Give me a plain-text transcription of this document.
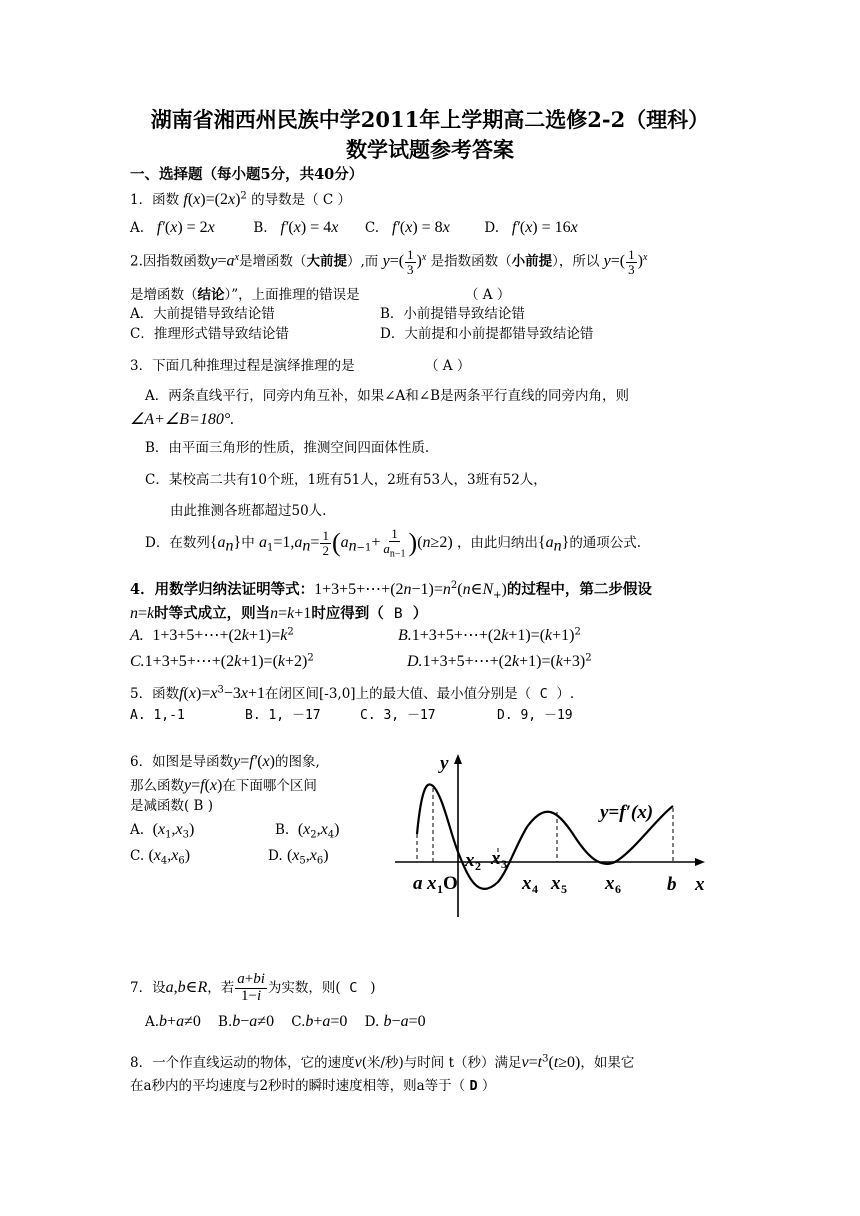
湖南省湘西州民族中学2011年上学期高二选修2-2（理科）
数学试题参考答案
一、选择题（每小题5分，共40分）
1．函数 $f(x)=(2x)^2$ 的导数是（ C ）
A. f′(x) = 2x	B. f′(x) = 4x C. f′(x) = 8x	D. f′(x) = 16x
2.因指数函数$y=a^x$是增函数（大前提）,而 $y=( \frac{1}{3} )^x$ 是指数函数（小前提），所以 $y=( \frac{1}{3} )^x$
是增函数（结论）”，上面推理的错误是	（ A ）
A．大前提错导致结论错	B．小前提错导致结论错
C．推理形式错导致结论错	D．大前提和小前提都错导致结论错
3．下面几种推理过程是演绎推理的是	（ A ）
A．两条直线平行，同旁内角互补，如果∠A和∠B是两条平行直线的同旁内角，则
∠A+∠B=180°.
B．由平面三角形的性质，推测空间四面体性质.
C．某校高二共有10个班，1班有51人，2班有53人，3班有52人，
由此推测各班都超过50人.
D．在数列$\{a_n\}$中 $a_1=1,a_n= \frac{1}{2} (a_{n-1}+ \frac{1}{a_{n-1}} )(n\ge 2)$ ，由此归纳出$\{a_n\}$的通项公式.
4．用数学归纳法证明等式：$1+3+5+\cdots+(2n-1)=n^2(n\in N_+)$的过程中，第二步假设
n=k时等式成立，则当n=k+1时应得到（ B ）
A. $1+3+5+\cdots+(2k+1)=k^2$	$B.1+3+5+\cdots+(2k+1)=(k+1)^2$
$C.1+3+5+\cdots+(2k+1)=(k+2)^2$	$D.1+3+5+\cdots+(2k+1)=(k+3)^2$
5．函数$f(x)=x^3-3x+1$在闭区间[-3,0]上的最大值、最小值分别是（ C ）.
A. 1,-1	B. 1, －17	C. 3, －17	D. 9, －19
6．如图是导函数y=f′(x)的图象,
那么函数y=f(x)在下面哪个区间
是减函数( B )
A. $(x_1,x_3)$	B. $(x_2,x_4)$
C. $(x_4,x_6)$	D. $(x_5,x_6)$
y
y=f′(x)
a x 1 O
x 2 x 3
x 4 x 5 x 6 b x
7．设a,b∈R，若 $\frac{a+bi}{1-i}$ 为实数，则( C )
A.b+a≠0 B.b−a≠0 C.b+a=0 D. b−a=0
8．一个作直线运动的物体，它的速度v(米/秒)与时间 t（秒）满足$v=t^3(t\ge 0)$，如果它
在a秒内的平均速度与2秒时的瞬时速度相等，则a等于（ D ）
